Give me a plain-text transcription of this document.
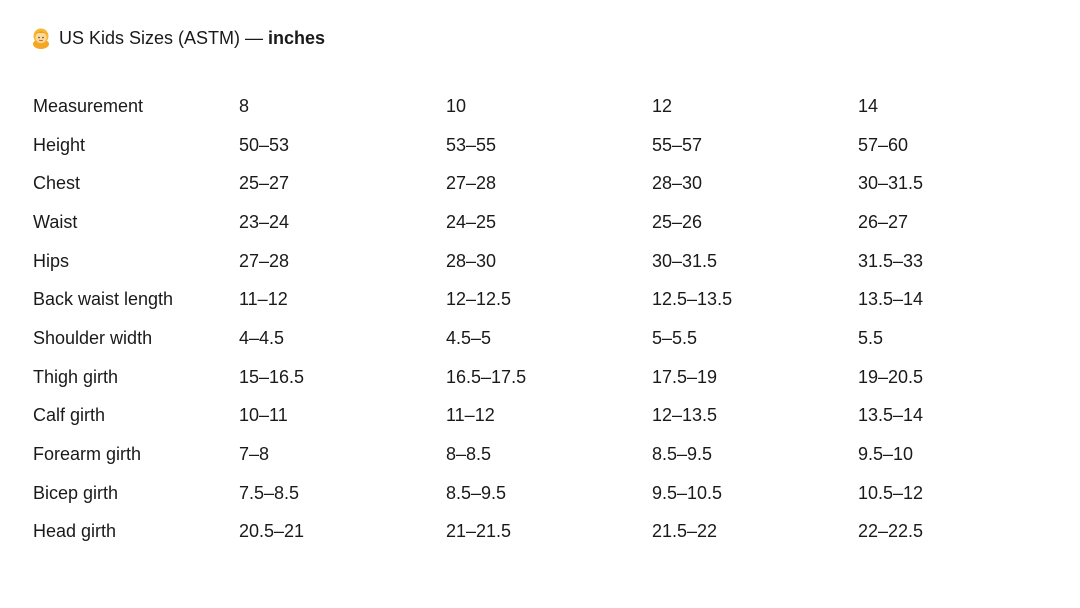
US Kids Sizes (ASTM) — inches
Measurement	8	10	12	14
Height	50–53	53–55	55–57	57–60
Chest	25–27	27–28	28–30	30–31.5
Waist	23–24	24–25	25–26	26–27
Hips	27–28	28–30	30–31.5	31.5–33
Back waist length	11–12	12–12.5	12.5–13.5	13.5–14
Shoulder width	4–4.5	4.5–5	5–5.5	5.5
Thigh girth	15–16.5	16.5–17.5	17.5–19	19–20.5
Calf girth	10–11	11–12	12–13.5	13.5–14
Forearm girth	7–8	8–8.5	8.5–9.5	9.5–10
Bicep girth	7.5–8.5	8.5–9.5	9.5–10.5	10.5–12
Head girth	20.5–21	21–21.5	21.5–22	22–22.5
